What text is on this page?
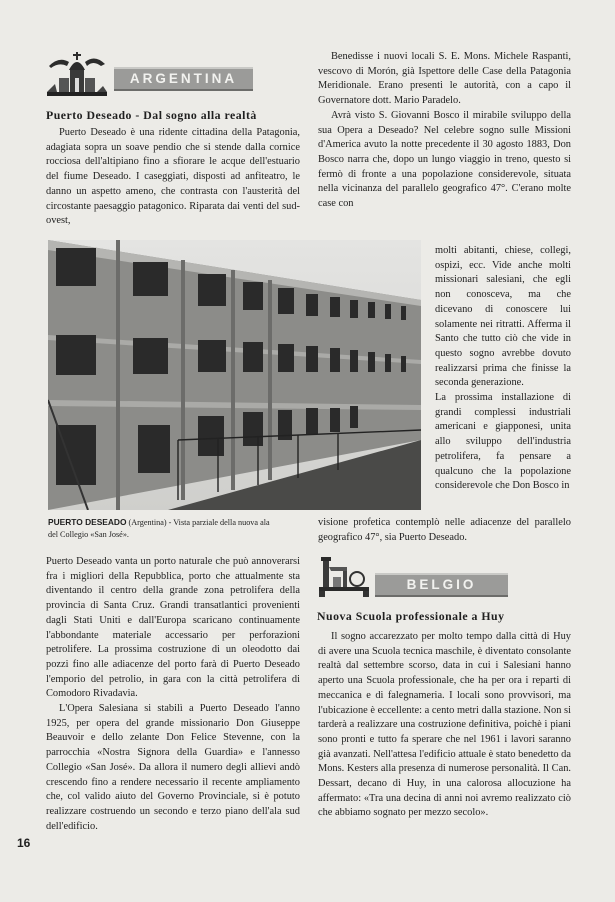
ARGENTINA
Puerto Deseado - Dal sogno alla realtà

Puerto Deseado è una ridente cittadina della Patagonia, adagiata sopra un soave pendio che si stende dalla cornice rocciosa dell'altipiano fino a sfiorare le acque dell'estuario del fiume Deseado. I caseggiati, disposti ad anfiteatro, le danno un aspetto ameno, che contrasta con l'austerità del circostante paesaggio patagonico. Riparata dai venti del sud-ovest,

PUERTO DESEADO (Argentina) - Vista parziale della nuova ala del Collegio «San José».

Puerto Deseado vanta un porto naturale che può annoverarsi fra i migliori della Repubblica, porto che attualmente sta diventando il centro della grande zona petrolifera della provincia di Santa Cruz. Grandi transatlantici provenienti dagli Stati Uniti e dall'Europa scaricano continuamente l'abbondante materiale accessario per perforazioni petrolifere. La prossima costruzione di un oleodotto dai pozzi fino alle adiacenze del porto farà di Puerto Deseado l'emporio del petrolio, in gara con la città petrolifera di Comodoro Rivadavia.

L'Opera Salesiana si stabilì a Puerto Deseado l'anno 1925, per opera del grande missionario Don Giuseppe Beauvoir e dello zelante Don Felice Stevenne, con la parrocchia «Nostra Signora della Guardia» e l'annesso Collegio «San José». Da allora il numero degli allievi andò crescendo fino a rendere necessario il recente ampliamento che, col valido aiuto del Governo Provinciale, si è potuto realizzare costruendo un secondo e terzo piano dell'ala sud dell'edificio.

16

Benedisse i nuovi locali S. E. Mons. Michele Raspanti, vescovo di Morón, già Ispettore delle Case della Patagonia Meridionale. Erano presenti le autorità, con a capo il Governatore dott. Mario Paradelo.

Avrà visto S. Giovanni Bosco il mirabile sviluppo della sua Opera a Deseado? Nel celebre sogno sulle Missioni d'America avuto la notte precedente il 30 agosto 1883, Don Bosco narra che, dopo un lungo viaggio in treno, questo si fermò di fronte a una popolazione considerevole, situata nella vicinanza del parallelo geografico 47°. C'erano molte case con

molti abitanti, chiese, collegi, ospizi, ecc. Vide anche molti missionari salesiani, che egli non conosceva, ma che dicevano di conoscere lui solamente nei ritratti. Afferma il Santo che tutto ciò che vide in questo sogno avrebbe dovuto realizzarsi prima che finisse la seconda generazione.

La prossima installazione di grandi complessi industriali americani e giapponesi, unita allo sviluppo dell'industria petrolifera, fa pensare a qualcuno che la popolazione considerevole che Don Bosco in

visione profetica contemplò nelle adiacenze del parallelo geografico 47°, sia Puerto Deseado.

BELGIO
Nuova Scuola professionale a Huy

Il sogno accarezzato per molto tempo dalla città di Huy di avere una Scuola tecnica maschile, è diventato consolante realtà dal settembre scorso, data in cui i Salesiani hanno aperto una Scuola professionale, che ha per ora i reparti di meccanica e di falegnameria. I locali sono provvisori, ma l'ubicazione è eccellente: a cento metri dalla stazione. Non si tarderà a realizzare una costruzione definitiva, poichè i piani sono pronti e tutto fa sperare che nel 1961 i lavori saranno già avanzati. Nell'attesa l'edificio attuale è stato benedetto da Mons. Kesters alla presenza di numerose personalità. Il Can. Dessart, decano di Huy, in una calorosa allocuzione ha affermato: «Tra una decina di anni noi avremo realizzato ciò che abbiamo sognato per mezzo secolo».
